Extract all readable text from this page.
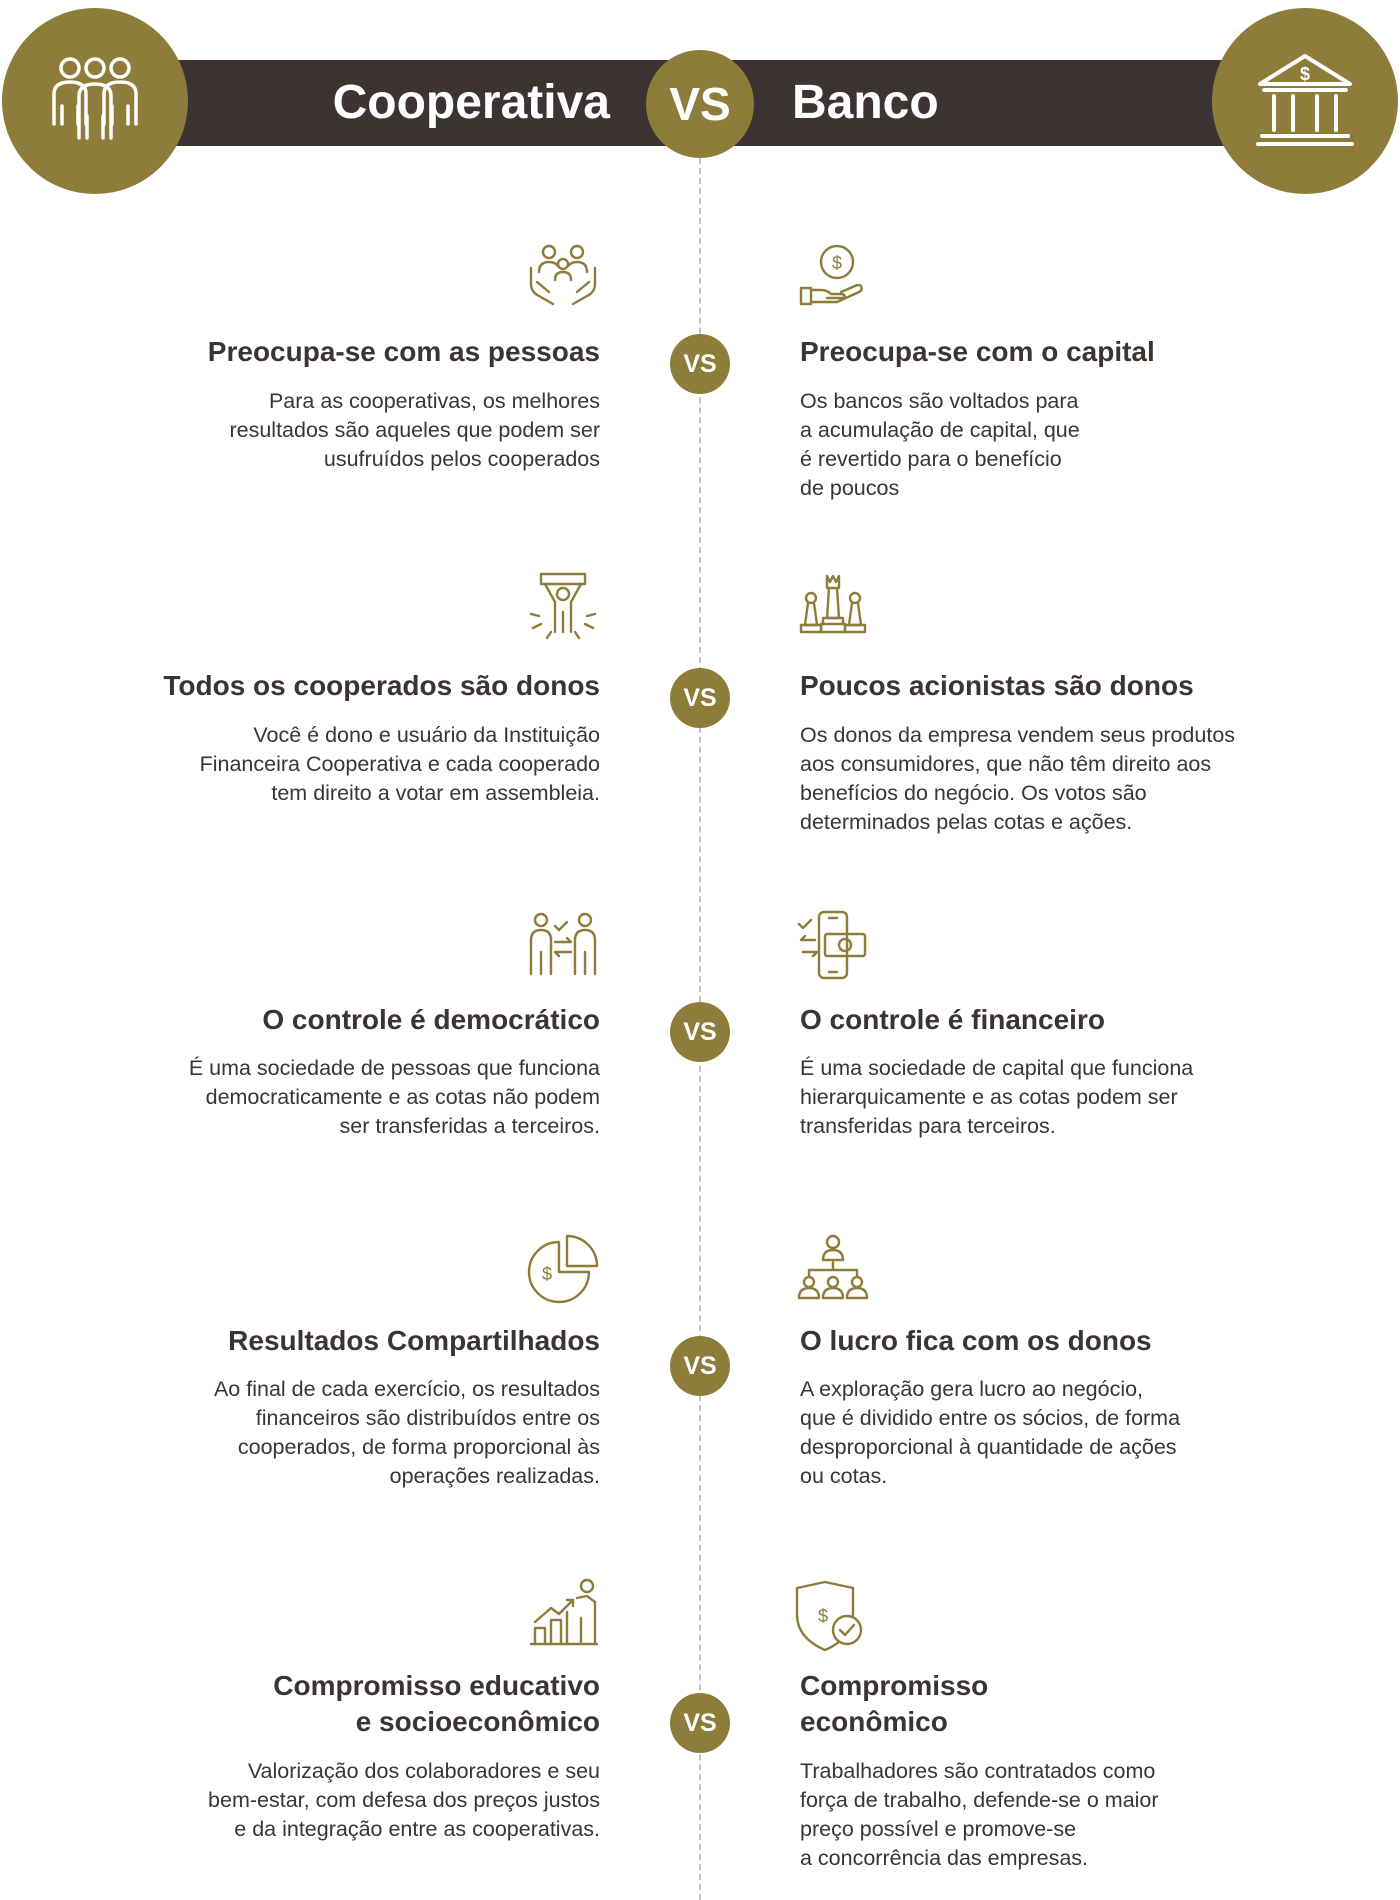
Cooperativa	Banco
$
VS
Preocupa-se com as pessoas
Para as cooperativas, os melhores
resultados são aqueles que podem ser
usufruídos pelos cooperados
VS
$
Preocupa-se com o capital
Os bancos são voltados para
a acumulação de capital, que
é revertido para o benefício
de poucos
Todos os cooperados são donos
Você é dono e usuário da Instituição
Financeira Cooperativa e cada cooperado
tem direito a votar em assembleia.
VS	Poucos acionistas são donos
Os donos da empresa vendem seus produtos
aos consumidores, que não têm direito aos
benefícios do negócio. Os votos são
determinados pelas cotas e ações.
O controle é democrático
É uma sociedade de pessoas que funciona
democraticamente e as cotas não podem
ser transferidas a terceiros.
VS	O controle é financeiro
É uma sociedade de capital que funciona
hierarquicamente e as cotas podem ser
transferidas para terceiros.
$
Resultados Compartilhados
Ao final de cada exercício, os resultados
financeiros são distribuídos entre os
cooperados, de forma proporcional às
operações realizadas.
VS
O lucro fica com os donos
A exploração gera lucro ao negócio,
que é dividido entre os sócios, de forma
desproporcional à quantidade de ações
ou cotas.
Compromisso educativo
e socioeconômico
Valorização dos colaboradores e seu
bem-estar, com defesa dos preços justos
e da integração entre as cooperativas.
VS
$
Compromisso
econômico
Trabalhadores são contratados como
força de trabalho, defende-se o maior
preço possível e promove-se
a concorrência das empresas.
